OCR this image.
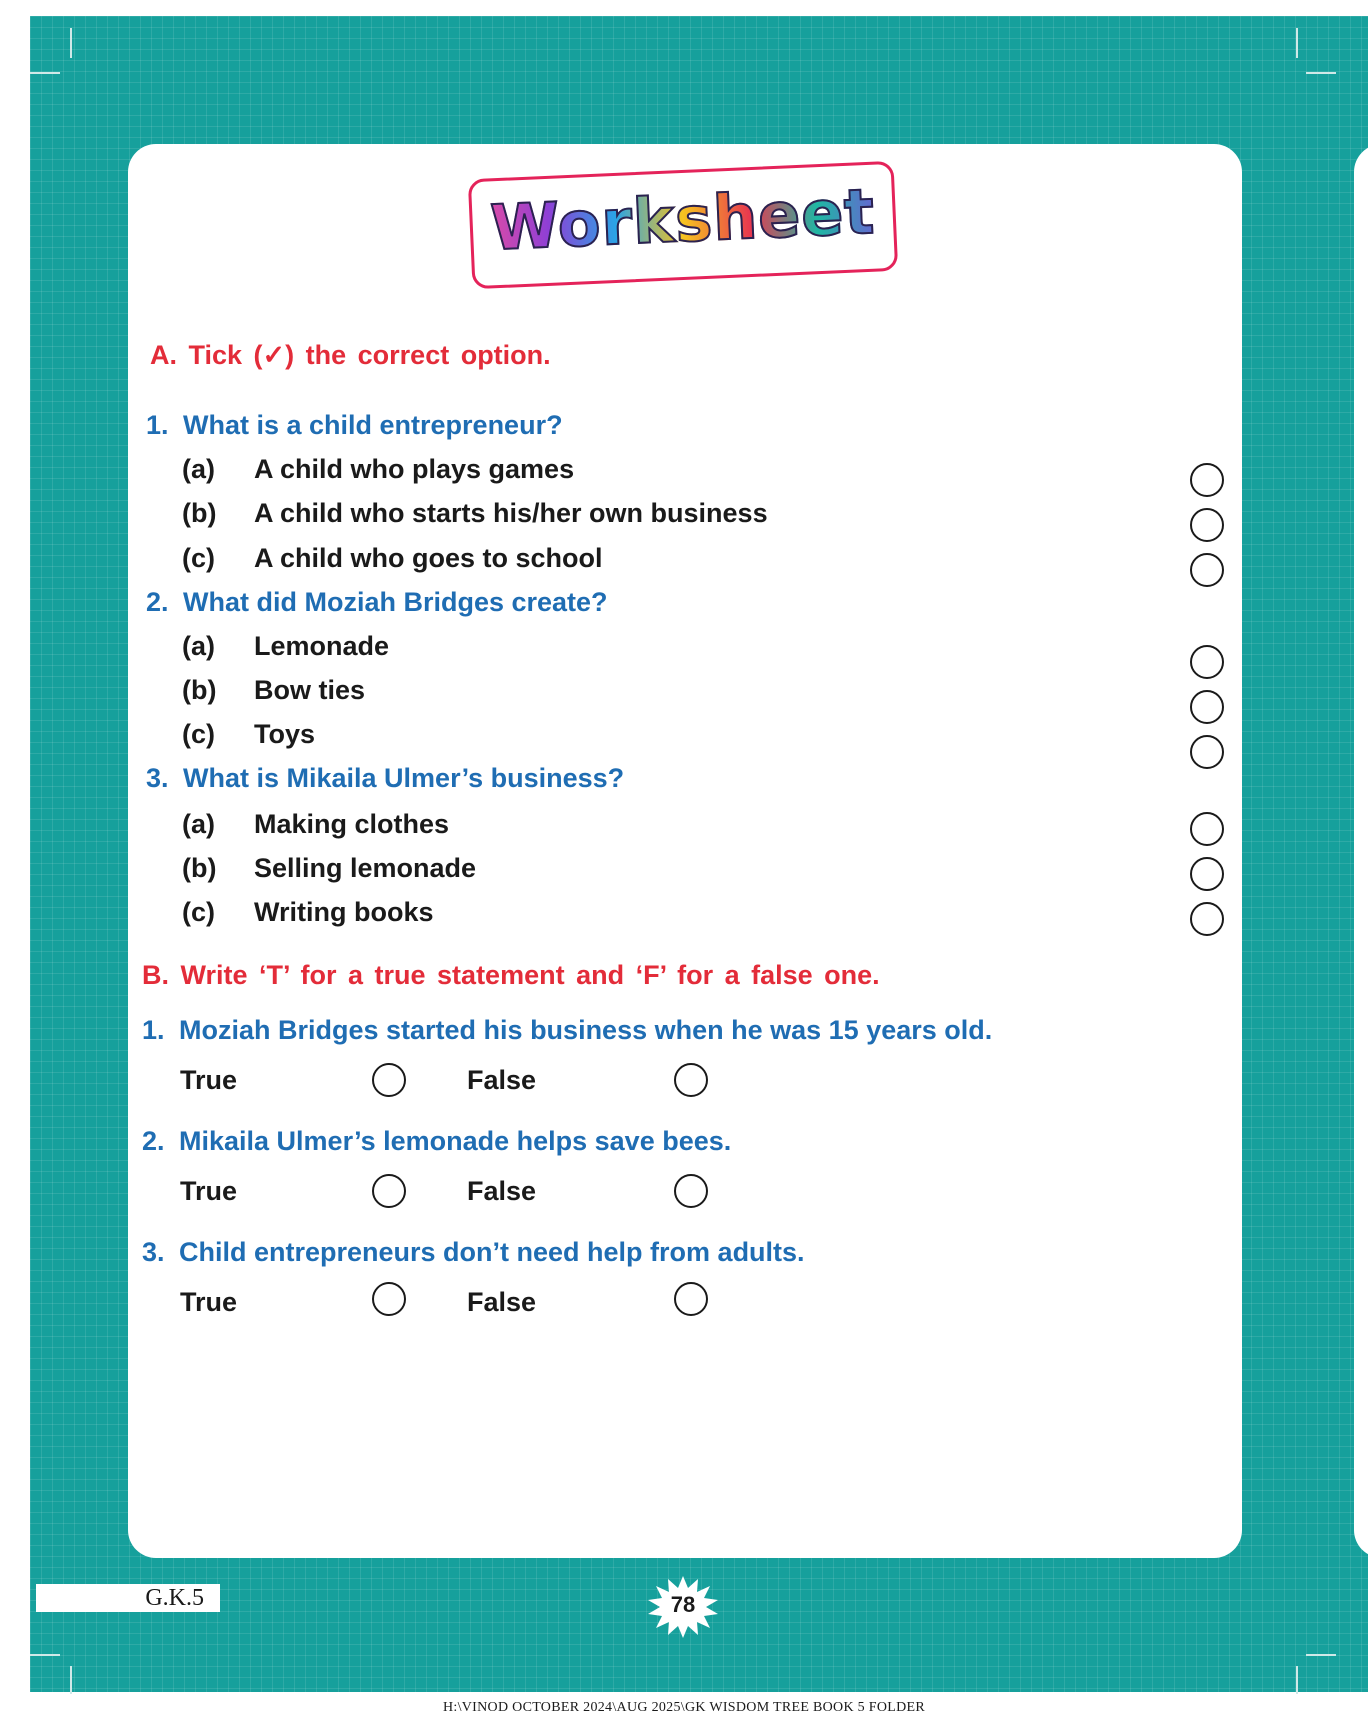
Worksheet
A. Tick (✓) the correct option.
1. What is a child entrepreneur?
(a) A child who plays games
(b) A child who starts his/her own business
(c) A child who goes to school
2. What did Moziah Bridges create?
(a) Lemonade
(b) Bow ties
(c) Toys
3. What is Mikaila Ulmer’s business?
(a) Making clothes
(b) Selling lemonade
(c) Writing books
B. Write ‘T’ for a true statement and ‘F’ for a false one.
1. Moziah Bridges started his business when he was 15 years old.
True	False
2. Mikaila Ulmer’s lemonade helps save bees.
True	False
3. Child entrepreneurs don’t need help from adults.
True	False
G.K.5	78
H:\VINOD OCTOBER 2024\AUG 2025\GK WISDOM TREE BOOK 5 FOLDER
